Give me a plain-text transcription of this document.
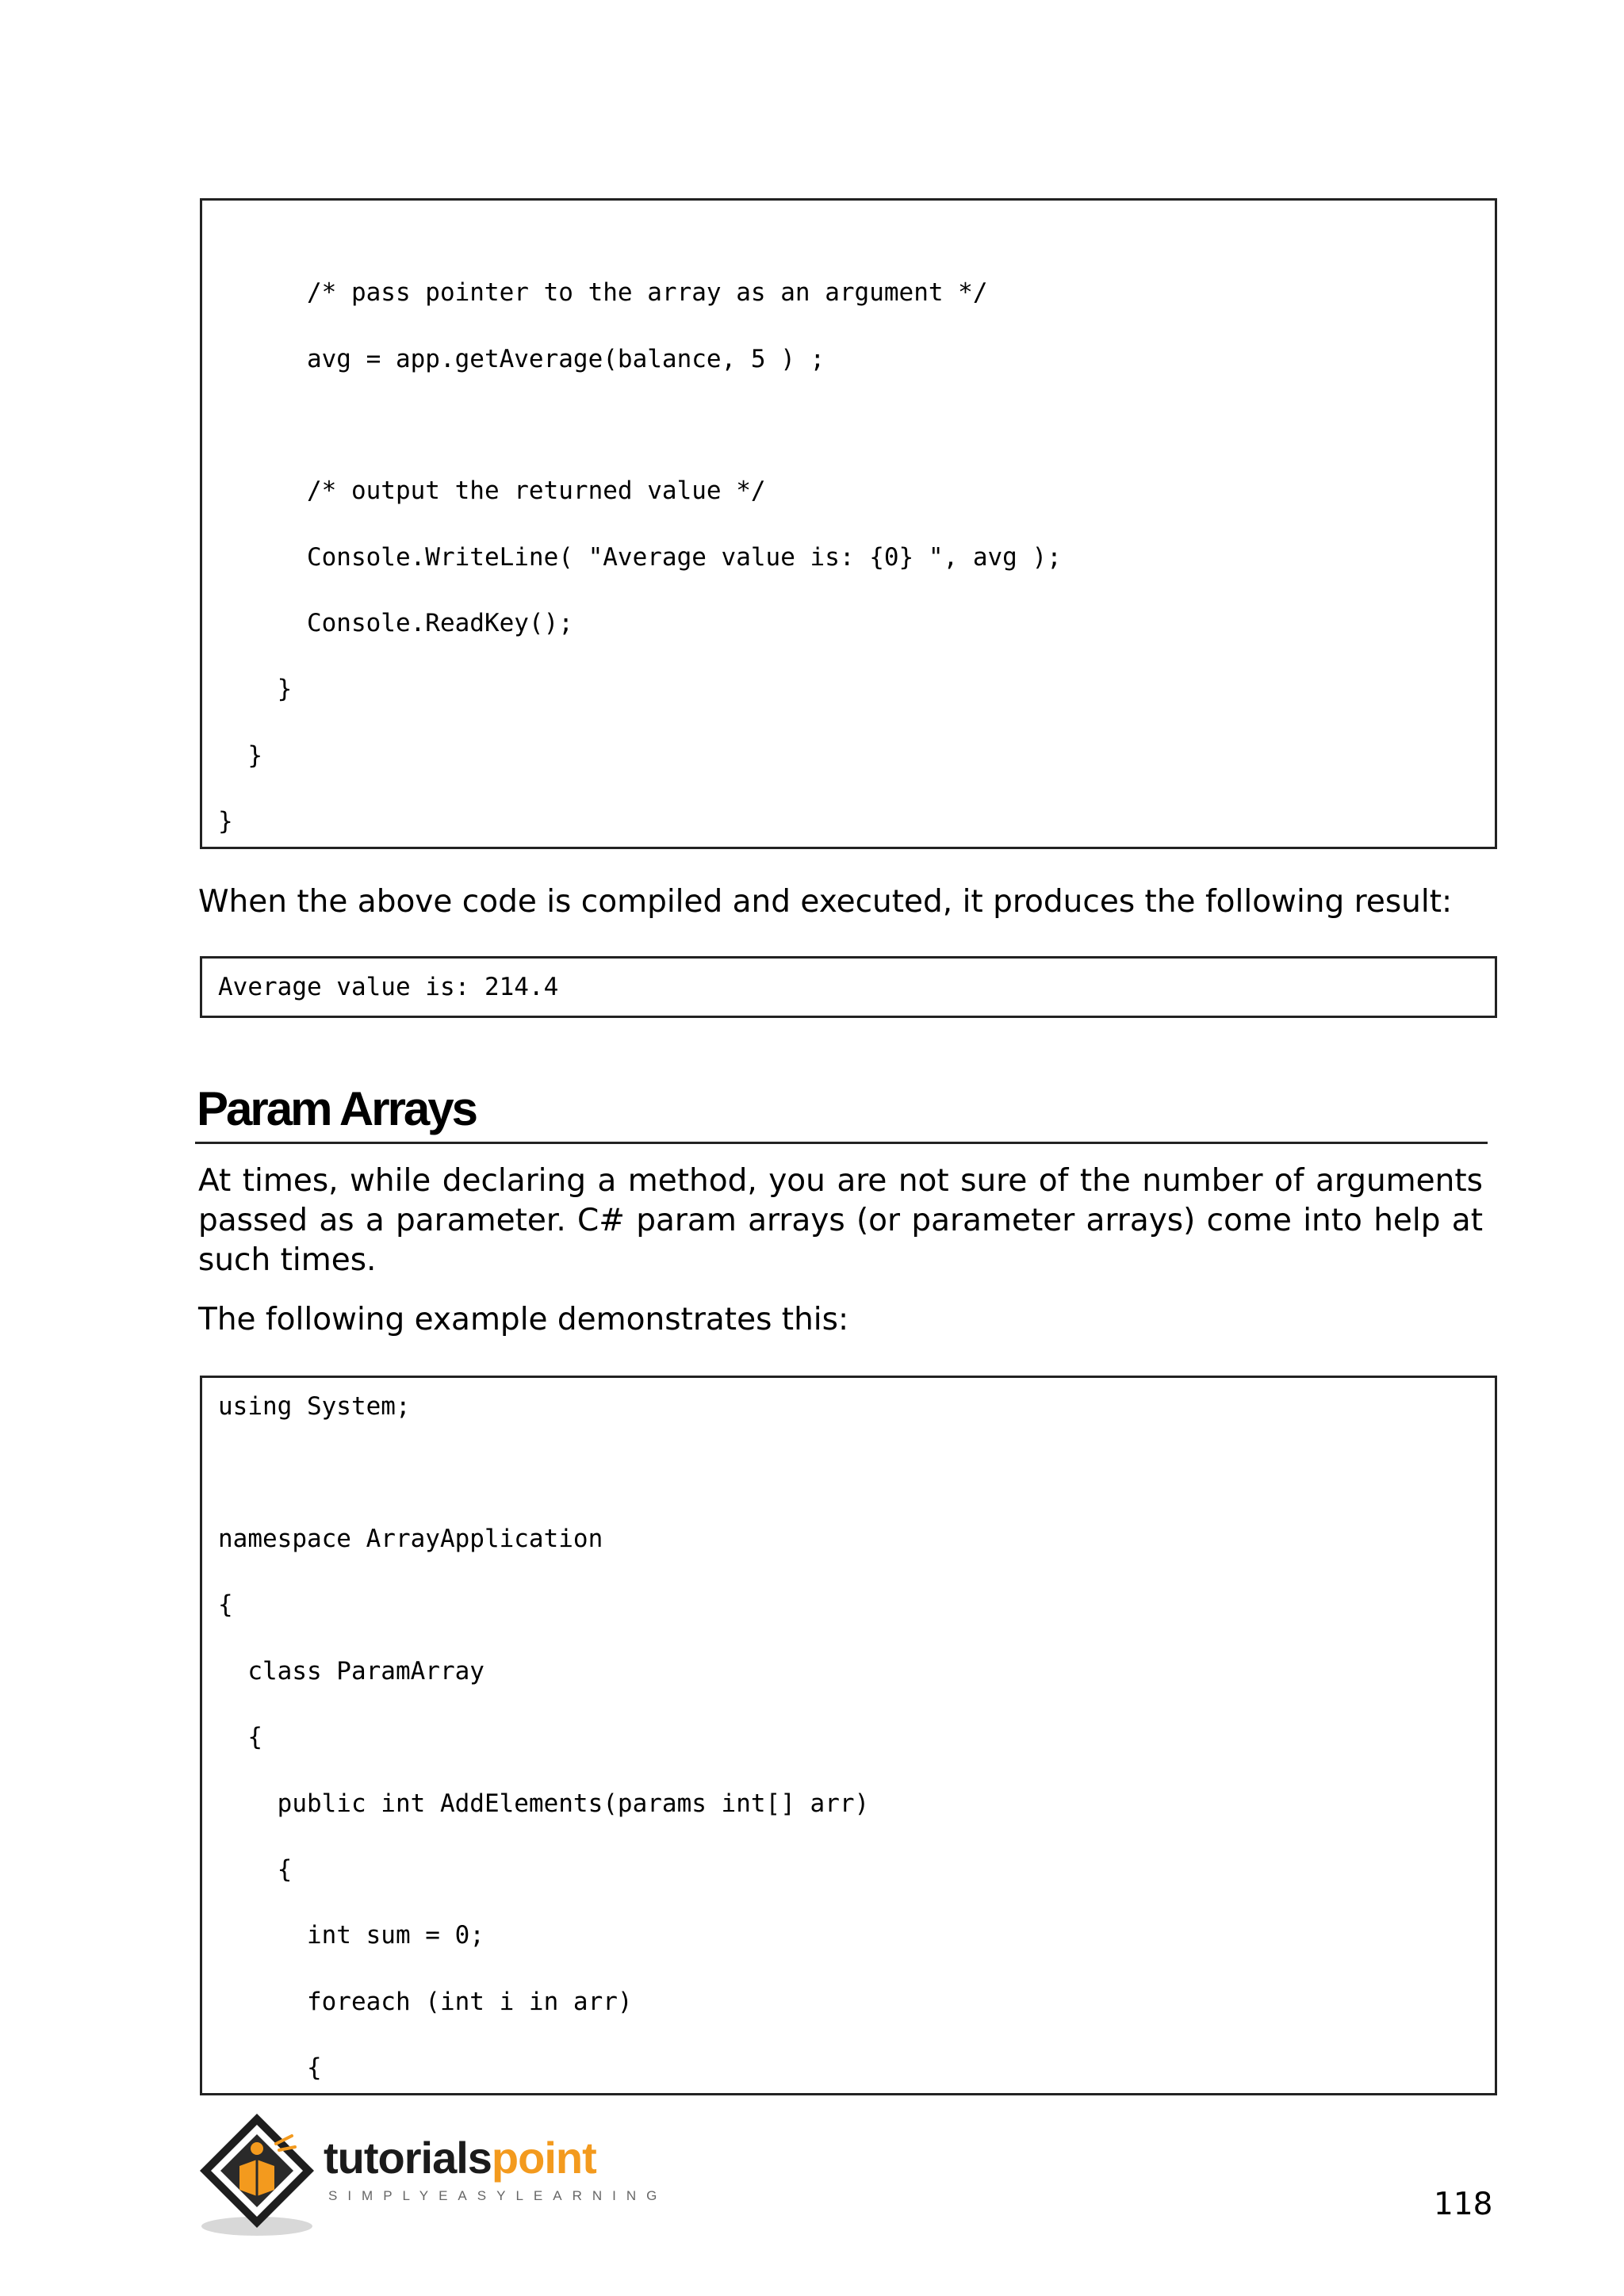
/* pass pointer to the array as an argument */
avg = app.getAverage(balance, 5 ) ;
/* output the returned value */
Console.WriteLine( "Average value is: {0} ", avg );
Console.ReadKey();
}
}
}
When the above code is compiled and executed, it produces the following result:
Average value is: 214.4
Param Arrays
At times, while declaring a method, you are not sure of the number of arguments passed as a parameter. C# param arrays (or parameter arrays) come into help at such times.
The following example demonstrates this:
using System;
namespace ArrayApplication
{
class ParamArray
{
public int AddElements(params int[] arr)
{
int sum = 0;
foreach (int i in arr)
{
tutorialspoint
SIMPLYEASYLEARNING	118
